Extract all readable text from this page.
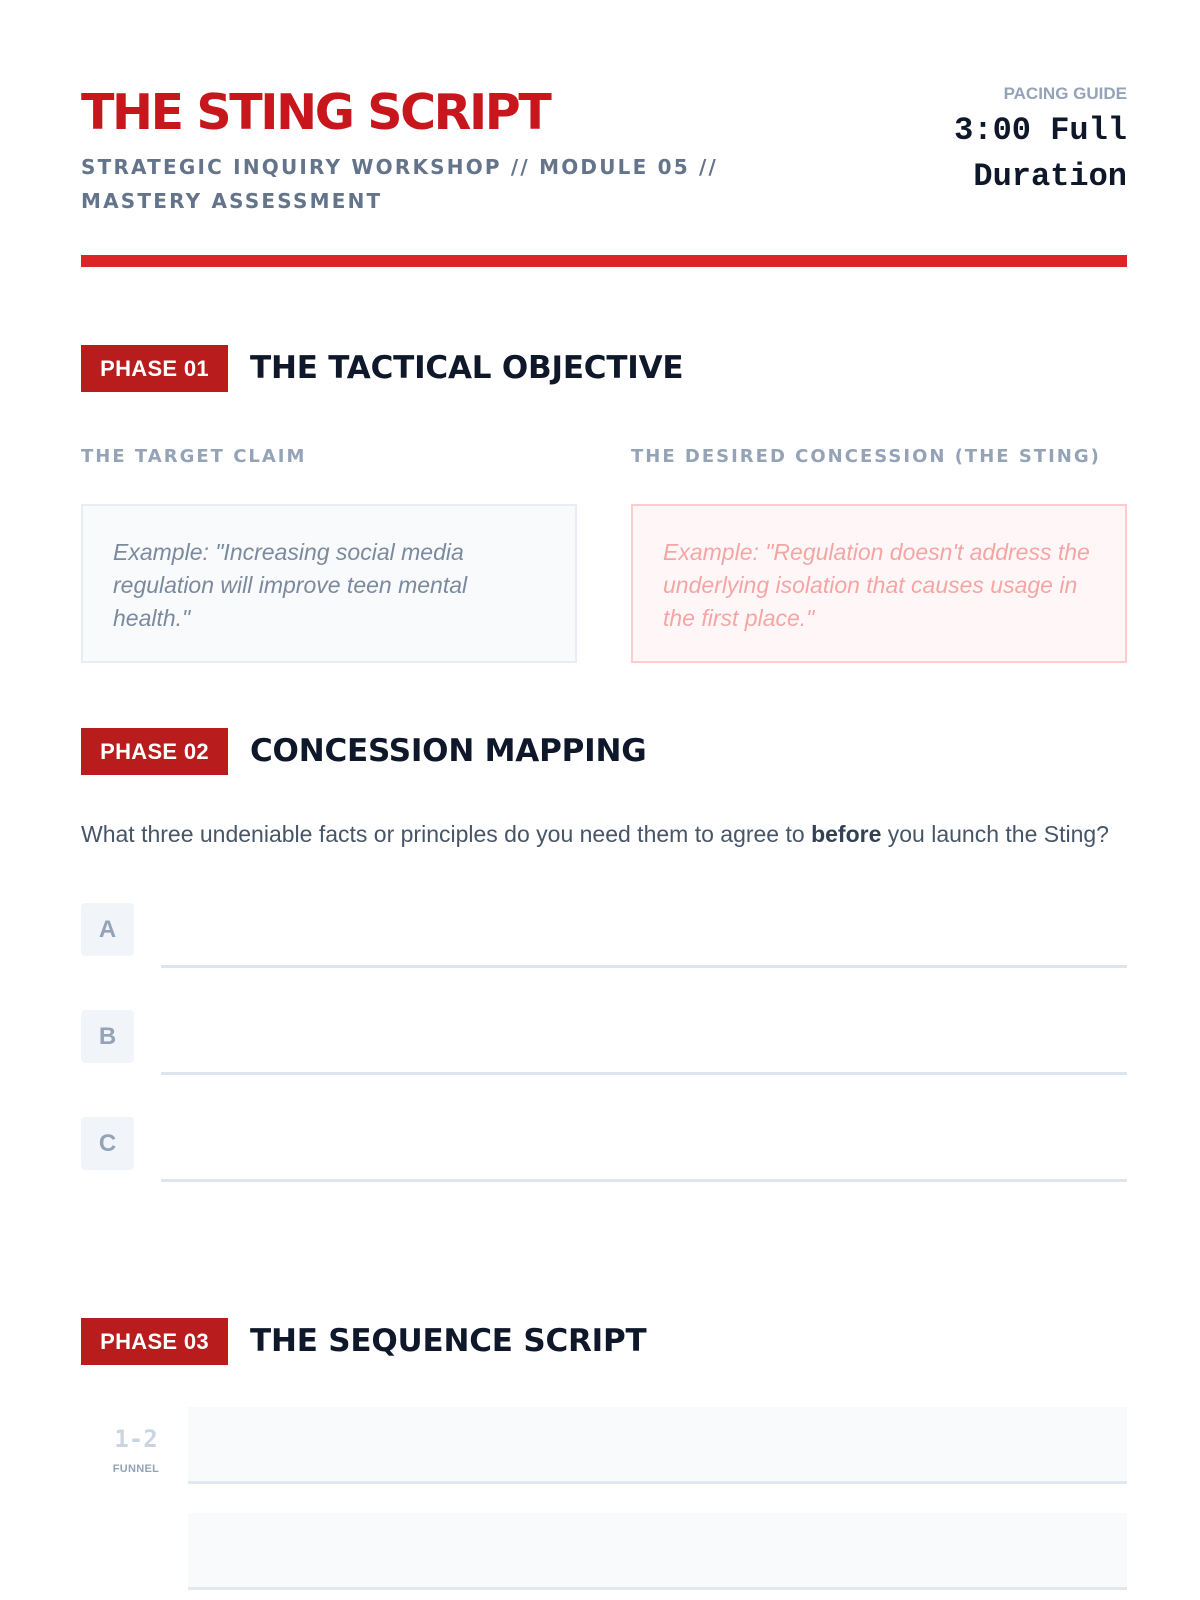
THE STING SCRIPT
STRATEGIC INQUIRY WORKSHOP // MODULE 05 // MASTERY ASSESSMENT
PACING GUIDE
3:00 Full
Duration
PHASE 01	THE TACTICAL OBJECTIVE
THE TARGET CLAIM	THE DESIRED CONCESSION (THE STING)
Example: "Increasing social media regulation will improve teen mental health."
Example: "Regulation doesn't address the underlying isolation that causes usage in the first place."
PHASE 02	CONCESSION MAPPING
What three undeniable facts or principles do you need them to agree to before you launch the Sting?
A
B
C
PHASE 03	THE SEQUENCE SCRIPT
1-2
FUNNEL
